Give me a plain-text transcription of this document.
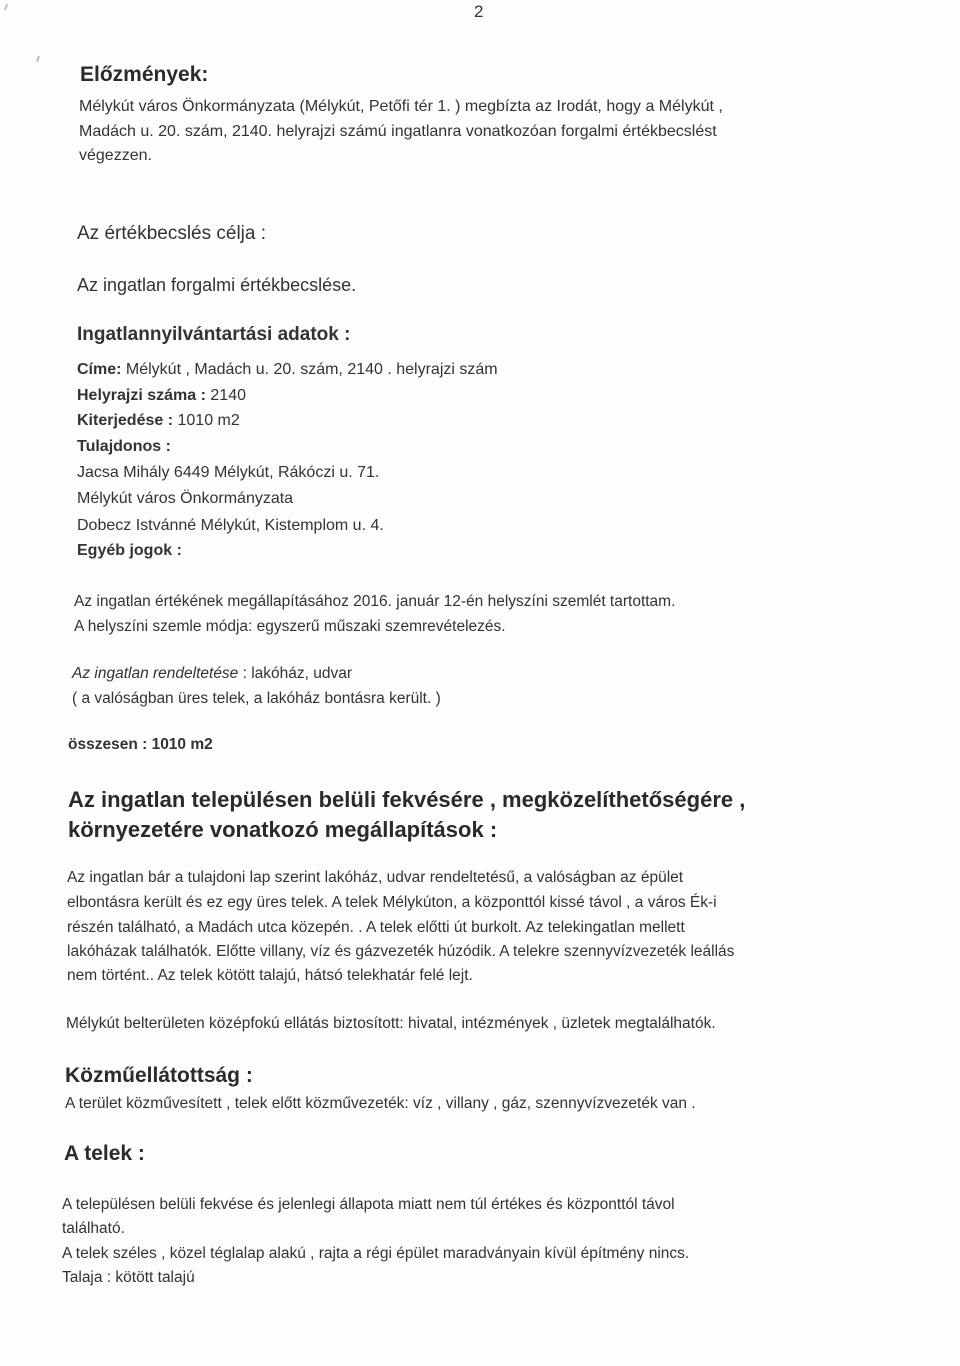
2
Előzmények:
Mélykút város Önkormányzata (Mélykút, Petőfi tér 1. ) megbízta az Irodát, hogy a Mélykút ,
Madách u. 20. szám, 2140. helyrajzi számú ingatlanra vonatkozóan forgalmi értékbecslést
végezzen.
Az értékbecslés célja :
Az ingatlan forgalmi értékbecslése.
Ingatlannyilvántartási adatok :
Címe: Mélykút , Madách u. 20. szám, 2140 . helyrajzi szám
Helyrajzi száma : 2140
Kiterjedése : 1010 m2
Tulajdonos :
Jacsa Mihály 6449 Mélykút, Rákóczi u. 71.
Mélykút város Önkormányzata
Dobecz Istvánné Mélykút, Kistemplom u. 4.
Egyéb jogok :
Az ingatlan értékének megállapításához 2016. január 12-én helyszíni szemlét tartottam.
A helyszíni szemle módja: egyszerű műszaki szemrevételezés.
Az ingatlan rendeltetése : lakóház, udvar
( a valóságban üres telek, a lakóház bontásra került. )
összesen : 1010 m2
Az ingatlan településen belüli fekvésére , megközelíthetőségére ,
környezetére vonatkozó megállapítások :
Az ingatlan bár a tulajdoni lap szerint lakóház, udvar rendeltetésű, a valóságban az épület
elbontásra került és ez egy üres telek. A telek Mélykúton, a központtól kissé távol , a város Ék-i
részén található, a Madách utca közepén. . A telek előtti út burkolt. Az telekingatlan mellett
lakóházak találhatók. Előtte villany, víz és gázvezeték húzódik. A telekre szennyvízvezeték leállás
nem történt.. Az telek kötött talajú, hátsó telekhatár felé lejt.
Mélykút belterületen középfokú ellátás biztosított: hivatal, intézmények , üzletek megtalálhatók.
Közműellátottság :
A terület közművesített , telek előtt közművezeték: víz , villany , gáz, szennyvízvezeték van .
A telek :
A településen belüli fekvése és jelenlegi állapota miatt nem túl értékes és központtól távol
található.
A telek széles , közel téglalap alakú , rajta a régi épület maradványain kívül építmény nincs.
Talaja : kötött talajú
